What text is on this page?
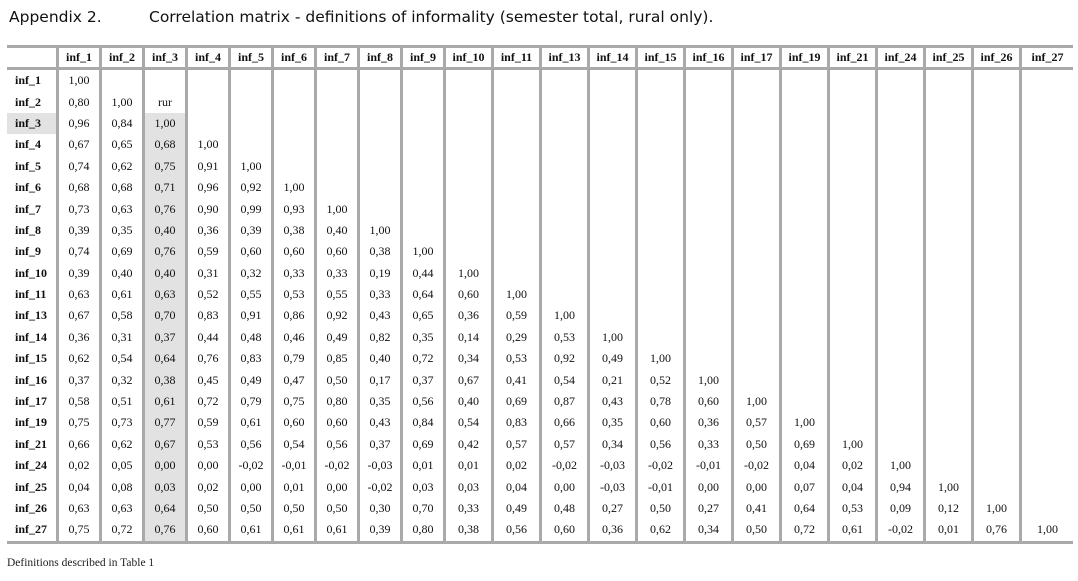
Appendix 2.	Correlation matrix - definitions of informality (semester total, rural only).
	inf_1	inf_2	inf_3	inf_4	inf_5	inf_6	inf_7	inf_8	inf_9	inf_10	inf_11	inf_13	inf_14	inf_15	inf_16	inf_17	inf_19	inf_21	inf_24	inf_25	inf_26	inf_27
inf_1	1,00																					
inf_2	0,80	1,00	rur																			
inf_3	0,96	0,84	1,00																			
inf_4	0,67	0,65	0,68	1,00																		
inf_5	0,74	0,62	0,75	0,91	1,00																	
inf_6	0,68	0,68	0,71	0,96	0,92	1,00																
inf_7	0,73	0,63	0,76	0,90	0,99	0,93	1,00															
inf_8	0,39	0,35	0,40	0,36	0,39	0,38	0,40	1,00														
inf_9	0,74	0,69	0,76	0,59	0,60	0,60	0,60	0,38	1,00													
inf_10	0,39	0,40	0,40	0,31	0,32	0,33	0,33	0,19	0,44	1,00												
inf_11	0,63	0,61	0,63	0,52	0,55	0,53	0,55	0,33	0,64	0,60	1,00											
inf_13	0,67	0,58	0,70	0,83	0,91	0,86	0,92	0,43	0,65	0,36	0,59	1,00										
inf_14	0,36	0,31	0,37	0,44	0,48	0,46	0,49	0,82	0,35	0,14	0,29	0,53	1,00									
inf_15	0,62	0,54	0,64	0,76	0,83	0,79	0,85	0,40	0,72	0,34	0,53	0,92	0,49	1,00								
inf_16	0,37	0,32	0,38	0,45	0,49	0,47	0,50	0,17	0,37	0,67	0,41	0,54	0,21	0,52	1,00							
inf_17	0,58	0,51	0,61	0,72	0,79	0,75	0,80	0,35	0,56	0,40	0,69	0,87	0,43	0,78	0,60	1,00						
inf_19	0,75	0,73	0,77	0,59	0,61	0,60	0,60	0,43	0,84	0,54	0,83	0,66	0,35	0,60	0,36	0,57	1,00					
inf_21	0,66	0,62	0,67	0,53	0,56	0,54	0,56	0,37	0,69	0,42	0,57	0,57	0,34	0,56	0,33	0,50	0,69	1,00				
inf_24	0,02	0,05	0,00	0,00	-0,02	-0,01	-0,02	-0,03	0,01	0,01	0,02	-0,02	-0,03	-0,02	-0,01	-0,02	0,04	0,02	1,00			
inf_25	0,04	0,08	0,03	0,02	0,00	0,01	0,00	-0,02	0,03	0,03	0,04	0,00	-0,03	-0,01	0,00	0,00	0,07	0,04	0,94	1,00		
inf_26	0,63	0,63	0,64	0,50	0,50	0,50	0,50	0,30	0,70	0,33	0,49	0,48	0,27	0,50	0,27	0,41	0,64	0,53	0,09	0,12	1,00	
inf_27	0,75	0,72	0,76	0,60	0,61	0,61	0,61	0,39	0,80	0,38	0,56	0,60	0,36	0,62	0,34	0,50	0,72	0,61	-0,02	0,01	0,76	1,00
Definitions described in Table 1
